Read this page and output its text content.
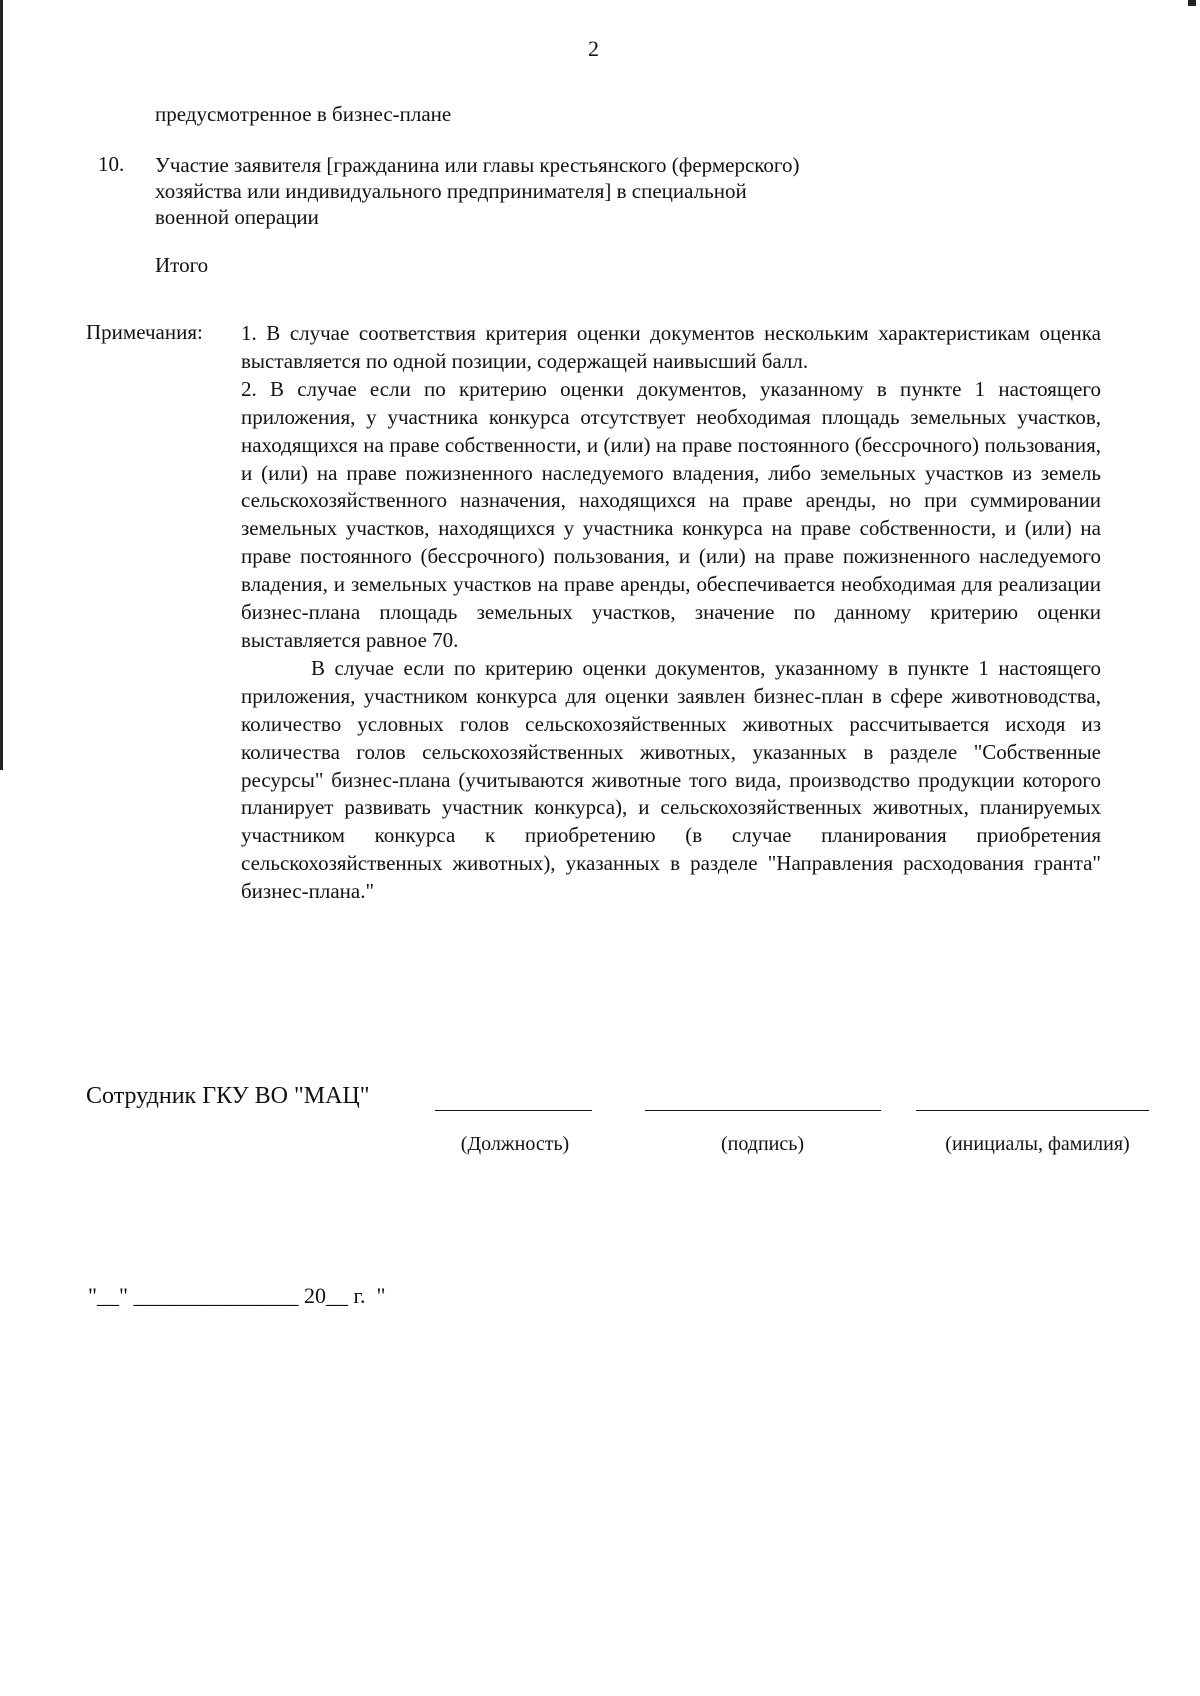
2
предусмотренное в бизнес-плане
10. Участие заявителя [гражданина или главы крестьянского (фермерского)
хозяйства или индивидуального предпринимателя] в специальной
военной операции
Итого
Примечания: 1. В случае соответствия критерия оценки документов нескольким характеристикам оценка выставляется по одной позиции, содержащей наивысший балл.

2. В случае если по критерию оценки документов, указанному в пункте 1 настоящего приложения, у участника конкурса отсутствует необходимая площадь земельных участков, находящихся на праве собственности, и (или) на праве постоянного (бессрочного) пользования, и (или) на праве пожизненного наследуемого владения, либо земельных участков из земель сельскохозяйственного назначения, находящихся на праве аренды, но при суммировании земельных участков, находящихся у участника конкурса на праве собственности, и (или) на праве постоянного (бессрочного) пользования, и (или) на праве пожизненного наследуемого владения, и земельных участков на праве аренды, обеспечивается необходимая для реализации бизнес-плана площадь земельных участков, значение по данному критерию оценки выставляется равное 70.

В случае если по критерию оценки документов, указанному в пункте 1 настоящего приложения, участником конкурса для оценки заявлен бизнес-план в сфере животноводства, количество условных голов сельскохозяйственных животных рассчитывается исходя из количества голов сельскохозяйственных животных, указанных в разделе "Собственные ресурсы" бизнес-плана (учитываются животные того вида, производство продукции которого планирует развивать участник конкурса), и сельскохозяйственных животных, планируемых участником конкурса к приобретению (в случае планирования приобретения сельскохозяйственных животных), указанных в разделе "Направления расходования гранта" бизнес-плана."

Сотрудник ГКУ ВО "МАЦ"
(Должность)	(подпись)	(инициалы, фамилия)
"__" _______________ 20__ г.  "
